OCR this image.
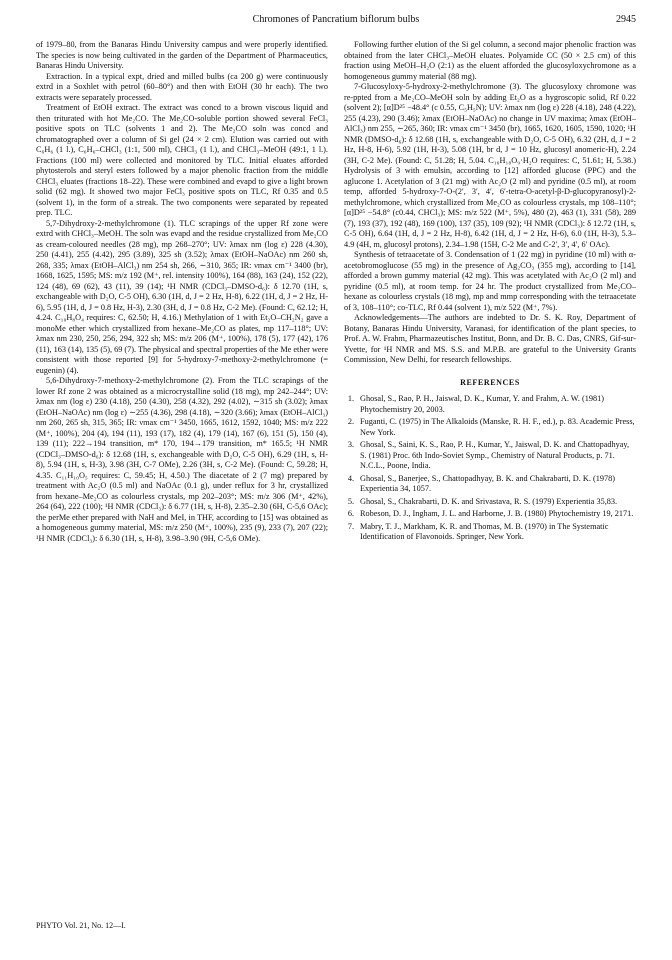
Chromones of Pancratium biflorum bulbs	2945

of 1979–80, from the Banaras Hindu University campus and were properly identified. The species is now being cultivated in the garden of the Department of Pharmaceutics, Banaras Hindu University.

Extraction. In a typical expt, dried and milled bulbs (ca 200 g) were continuously extrd in a Soxhlet with petrol (60–80°) and then with EtOH (30 hr each). The two extracts were separately processed.

Treatment of EtOH extract. The extract was concd to a brown viscous liquid and then triturated with hot Me₂CO. The Me₂CO-soluble portion showed several FeCl₃ positive spots on TLC (solvents 1 and 2). The Me₂CO soln was concd and chromatographed over a column of Si gel (24 × 2 cm). Elution was carried out with C₆H₆ (1 l.), C₆H₆–CHCl₃ (1:1, 500 ml), CHCl₃ (1 l.), and CHCl₃–MeOH (49:1, 1 l.). Fractions (100 ml) were collected and monitored by TLC. Initial eluates afforded phytosterols and steryl esters followed by a major phenolic fraction from the middle CHCl₃ eluates (fractions 18–22). These were combined and evapd to give a light brown solid (62 mg). It showed two major FeCl₃ positive spots on TLC, Rf 0.35 and 0.5 (solvent 1), in the form of a streak. The two components were separated by repeated prep. TLC.

5,7-Dihydroxy-2-methylchromone (1). TLC scrapings of the upper Rf zone were extrd with CHCl₃–MeOH. The soln was evapd and the residue crystallized from Me₂CO as cream-coloured needles (28 mg), mp 268–270°; UV: λmax nm (log ε) 228 (4.30), 250 (4.41), 255 (4.42), 295 (3.89), 325 sh (3.52); λmax (EtOH–NaOAc) nm 260 sh, 268, 335; λmax (EtOH–AlCl₃) nm 254 sh, 266, ∼310, 365; IR: νmax cm⁻¹ 3400 (br), 1668, 1625, 1595; MS: m/z 192 (M⁺, rel. intensity 100%), 164 (88), 163 (24), 152 (22), 124 (48), 69 (62), 43 (11), 39 (14); ¹H NMR (CDCl₃–DMSO-d₆): δ 12.70 (1H, s, exchangeable with D₂O, C-5 OH), 6.30 (1H, d, J = 2 Hz, H-8), 6.22 (1H, d, J = 2 Hz, H-6), 5.95 (1H, d, J = 0.8 Hz, H-3), 2.30 (3H, d, J = 0.8 Hz, C-2 Me). (Found: C, 62.12; H, 4.24. C₁₀H₈O₄ requires: C, 62.50; H, 4.16.) Methylation of 1 with Et₂O–CH₂N₂ gave a monoMe ether which crystallized from hexane–Me₂CO as plates, mp 117–118°; UV: λmax nm 230, 250, 256, 294, 322 sh; MS: m/z 206 (M⁺, 100%), 178 (5), 177 (42), 176 (11), 163 (14), 135 (5), 69 (7). The physical and spectral properties of the Me ether were consistent with those reported [9] for 5-hydroxy-7-methoxy-2-methylchromone (= eugenin) (4).

5,6-Dihydroxy-7-methoxy-2-methylchromone (2). From the TLC scrapings of the lower Rf zone 2 was obtained as a microcrystalline solid (18 mg), mp 242–244°; UV: λmax nm (log ε) 230 (4.18), 250 (4.30), 258 (4.32), 292 (4.02), ∼315 sh (3.02); λmax (EtOH–NaOAc) nm (log ε) ∼255 (4.36), 298 (4.18), ∼320 (3.66); λmax (EtOH–AlCl₃) nm 260, 265 sh, 315, 365; IR: νmax cm⁻¹ 3450, 1665, 1612, 1592, 1040; MS: m/z 222 (M⁺, 100%), 204 (4), 194 (11), 193 (17), 182 (4), 179 (14), 167 (6), 151 (5), 150 (4), 139 (11); 222→194 transition, m* 170, 194→179 transition, m* 165.5; ¹H NMR (CDCl₃–DMSO-d₆): δ 12.68 (1H, s, exchangeable with D₂O, C-5 OH), 6.29 (1H, s, H-8), 5.94 (1H, s, H-3), 3.98 (3H, C-7 OMe), 2.26 (3H, s, C-2 Me). (Found: C, 59.28; H, 4.35. C₁₁H₁₀O₅ requires: C, 59.45; H, 4.50.) The diacetate of 2 (7 mg) prepared by treatment with Ac₂O (0.5 ml) and NaOAc (0.1 g), under reflux for 3 hr, crystallized from hexane–Me₂CO as colourless crystals, mp 202–203°; MS: m/z 306 (M⁺, 42%), 264 (64), 222 (100); ¹H NMR (CDCl₃): δ 6.77 (1H, s, H-8), 2.35–2.30 (6H, C-5,6 OAc); the perMe ether prepared with NaH and MeI, in THF, according to [15] was obtained as a homogeneous gummy material, MS: m/z 250 (M⁺, 100%), 235 (9), 233 (7), 207 (22); ¹H NMR (CDCl₃): δ 6.30 (1H, s, H-8), 3.98–3.90 (9H, C-5,6 OMe).

Following further elution of the Si gel column, a second major phenolic fraction was obtained from the later CHCl₃–MeOH eluates. Polyamide CC (50 × 2.5 cm) of this fraction using MeOH–H₂O (2:1) as the eluent afforded the glucosyloxychromone as a homogeneous gummy material (88 mg).

7-Glucosyloxy-5-hydroxy-2-methylchromone (3). The glucosyloxy chromone was re-ppted from a Me₂CO–MeOH soln by adding Et₂O as a hygroscopic solid, Rf 0.22 (solvent 2); [α]D²⁵ −48.4° (c 0.55, C₅H₅N); UV: λmax nm (log ε) 228 (4.18), 248 (4.22), 255 (4.23), 290 (3.46); λmax (EtOH–NaOAc) no change in UV maxima; λmax (EtOH–AlCl₃) nm 255, ∼265, 360; IR: νmax cm⁻¹ 3450 (br), 1665, 1620, 1605, 1590, 1020; ¹H NMR (DMSO-d₆): δ 12.68 (1H, s, exchangeable with D₂O, C-5 OH), 6.32 (2H, d, J = 2 Hz, H-8, H-6), 5.92 (1H, H-3), 5.08 (1H, br d, J = 10 Hz, glucosyl anomeric-H), 2.24 (3H, C-2 Me). (Found: C, 51.28; H, 5.04. C₁₆H₁₈O₉·H₂O requires: C, 51.61; H, 5.38.) Hydrolysis of 3 with emulsin, according to [12] afforded glucose (PPC) and the aglucone 1. Acetylation of 3 (21 mg) with Ac₂O (2 ml) and pyridine (0.5 ml), at room temp, afforded 5-hydroxy-7-O-(2′, 3′, 4′, 6′-tetra-O-acetyl-β-D-glucopyranosyl)-2-methylchromone, which crystallized from Me₂CO as colourless crystals, mp 108–110°; [α]D²⁵ −54.8° (c0.44, CHCl₃); MS: m/z 522 (M⁺, 5%), 480 (2), 463 (1), 331 (58), 289 (7), 193 (37), 192 (48), 169 (100), 137 (35), 109 (92); ¹H NMR (CDCl₃): δ 12.72 (1H, s, C-5 OH), 6.64 (1H, d, J = 2 Hz, H-8), 6.42 (1H, d, J = 2 Hz, H-6), 6.0 (1H, H-3), 5.3–4.9 (4H, m, glucosyl protons), 2.34–1.98 (15H, C-2 Me and C-2′, 3′, 4′, 6′ OAc).

Synthesis of tetraacetate of 3. Condensation of 1 (22 mg) in pyridine (10 ml) with α-acetobromoglucose (55 mg) in the presence of Ag₂CO₃ (355 mg), according to [14], afforded a brown gummy material (42 mg). This was acetylated with Ac₂O (2 ml) and pyridine (0.5 ml), at room temp. for 24 hr. The product crystallized from Me₂CO–hexane as colourless crystals (18 mg), mp and mmp corresponding with the tetraacetate of 3, 108–110°; co-TLC, Rf 0.44 (solvent 1), m/z 522 (M⁺, 7%).

Acknowledgements—The authors are indebted to Dr. S. K. Roy, Department of Botany, Banaras Hindu University, Varanasi, for identification of the plant species, to Prof. A. W. Frahm, Pharmazeutisches Institut, Bonn, and Dr. B. C. Das, CNRS, Gif-sur-Yvette, for ¹H NMR and MS. S.S. and M.P.B. are grateful to the University Grants Commission, New Delhi, for research fellowships.

REFERENCES
1. Ghosal, S., Rao, P. H., Jaiswal, D. K., Kumar, Y. and Frahm, A. W. (1981) Phytochemistry 20, 2003.
2. Fuganti, C. (1975) in The Alkaloids (Manske, R. H. F., ed.), p. 83. Academic Press, New York.
3. Ghosal, S., Saini, K. S., Rao, P. H., Kumar, Y., Jaiswal, D. K. and Chattopadhyay, S. (1981) Proc. 6th Indo-Soviet Symp., Chemistry of Natural Products, p. 71. N.C.L., Poone, India.
4. Ghosal, S., Banerjee, S., Chattopadhyay, B. K. and Chakrabarti, D. K. (1978) Experientia 34, 1057.
5. Ghosal, S., Chakrabarti, D. K. and Srivastava, R. S. (1979) Experientia 35,83.
6. Robeson, D. J., Ingham, J. L. and Harborne, J. B. (1980) Phytochemistry 19, 2171.
7. Mabry, T. J., Markham, K. R. and Thomas, M. B. (1970) in The Systematic Identification of Flavonoids. Springer, New York.
PHYTO Vol. 21, No. 12—I.
